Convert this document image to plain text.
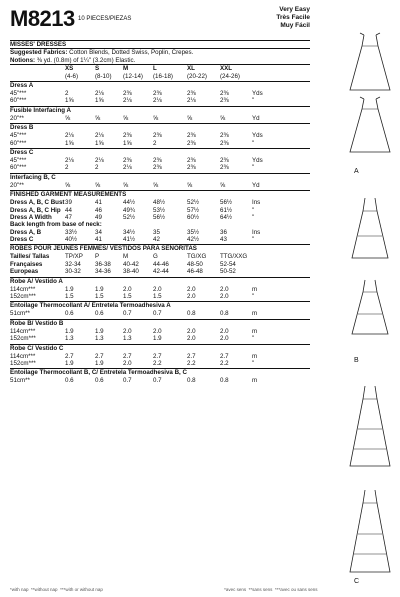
M8213 10 PIECES/PIEZAS
Very Easy
Très Facile
Muy Fácil
MISSES' DRESSES
Suggested Fabrics: Cotton Blends, Dotted Swiss, Poplin, Crepes.
Notions: ⅜ yd. (0.8m) of 1¼" (3.2cm) Elastic.
XS	S	M	L	XL	XXL
(4-6)	(8-10) (12-14) (16-18) (20-22) (24-26)
Dress A
45"***	2	2⅛	2⅜	2⅜	2⅜	2⅜	Yds
60"***	1⅝	1⅝	2⅛	2⅛	2⅛	2⅜	"
Fusible Interfacing A
20"**	⅝	⅝	⅝	⅝	⅝	⅝	Yd
Dress B
45"***	2⅛	2⅛	2⅜	2⅜	2⅜	2⅜	Yds
60"***	1⅝	1⅝	1⅝	2	2⅜	2⅜	"
Dress C
45"***	2⅛	2⅛	2⅜	2⅜	2⅜	2⅜	Yds
60"***	2	2	2⅛	2⅜	2⅜	2⅜	"
Interfacing B, C
20"**	⅝	⅝	⅝	⅝	⅝	⅝	Yd
FINISHED GARMENT MEASUREMENTS
Dress A, B, C Bust 39	41	44½	48½	52½	56½	Ins
Dress A, B, C Hip 44	46	49¾	53½	57½	61½	"
Dress A Width 47	49	52½	56½	60½	64½	"
Back length from base of neck:
Dress A, B	33½	34	34½	35	35½	36	Ins
Dress C	40½	41	41½	42	42½	43	"
ROBES POUR JEUNES FEMMES/ VESTIDOS PARA SEÑORITAS
Tailles/ Tallas	TP/XP P	M	G	TG/XG TTG/XXG
Françaises	32-34 36-38 40-42 44-46	48-50	52-54
Europeas	30-32 34-36 38-40 42-44	46-48	50-52
Robe A/ Vestido A
114cm***	1.9	1.9	2.0	2.0	2.0	2.0	m
152cm***	1.5	1.5	1.5	1.5	2.0	2.0	"
Entoilage Thermocollant A/ Entretela Termoadhesiva A
51cm**	0.6	0.6	0.7	0.7	0.8	0.8	m
Robe B/ Vestido B
114cm***	1.9	1.9	2.0	2.0	2.0	2.0	m
152cm***	1.3	1.3	1.3	1.9	2.0	2.0	"
Robe C/ Vestido C
114cm***	2.7	2.7	2.7	2.7	2.7	2.7	m
152cm***	1.9	1.9	2.0	2.2	2.2	2.2	"
Entoilage Thermocollant B, C/ Entretela Termoadhesiva B, C
51cm**	0.6	0.6	0.7	0.7	0.8	0.8	m
A
B
C
*with nap **without nap ***with or without nap	*avec sens **sans sens ***avec ou sans sens
